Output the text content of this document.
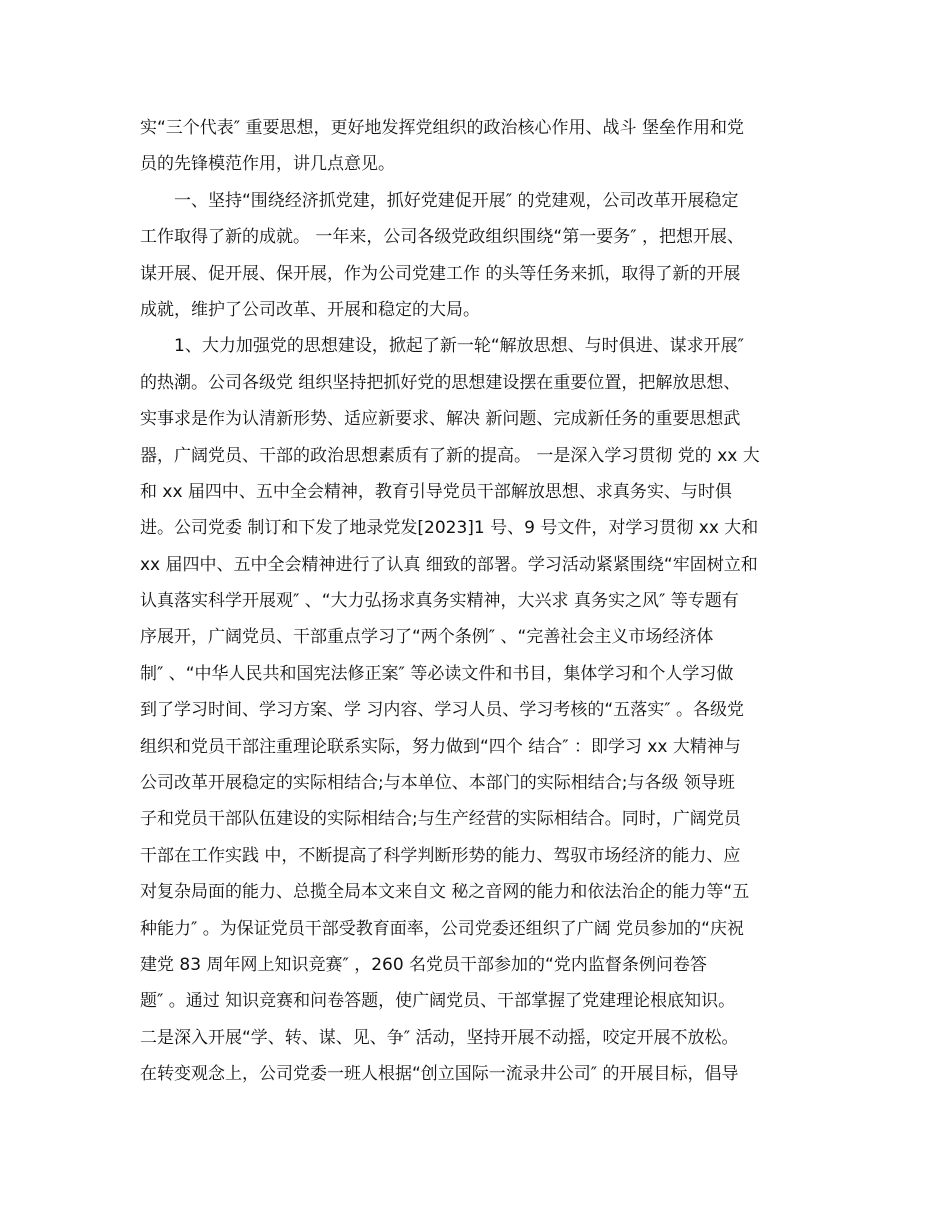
实“三个代表″ 重要思想，更好地发挥党组织的政治核心作用、战斗 堡垒作用和党
员的先锋模范作用，讲几点意见。
一、坚持“围绕经济抓党建，抓好党建促开展″ 的党建观，公司改革开展稳定
工作取得了新的成就。 一年来，公司各级党政组织围绕“第一要务″ ，把想开展、
谋开展、促开展、保开展，作为公司党建工作 的头等任务来抓，取得了新的开展
成就，维护了公司改革、开展和稳定的大局。
1、大力加强党的思想建设，掀起了新一轮“解放思想、与时俱进、谋求开展″
的热潮。公司各级党 组织坚持把抓好党的思想建设摆在重要位置，把解放思想、
实事求是作为认清新形势、适应新要求、解决 新问题、完成新任务的重要思想武
器，广阔党员、干部的政治思想素质有了新的提高。 一是深入学习贯彻 党的 xx 大
和 xx 届四中、五中全会精神，教育引导党员干部解放思想、求真务实、与时俱
进。公司党委 制订和下发了地录党发[2023]1 号、9 号文件，对学习贯彻 xx 大和
xx 届四中、五中全会精神进行了认真 细致的部署。学习活动紧紧围绕“牢固树立和
认真落实科学开展观″ 、“大力弘扬求真务实精神，大兴求 真务实之风″ 等专题有
序展开，广阔党员、干部重点学习了“两个条例″ 、“完善社会主义市场经济体
制″ 、“中华人民共和国宪法修正案″ 等必读文件和书目，集体学习和个人学习做
到了学习时间、学习方案、学 习内容、学习人员、学习考核的“五落实″ 。各级党
组织和党员干部注重理论联系实际，努力做到“四个 结合″ ：即学习 xx 大精神与
公司改革开展稳定的实际相结合;与本单位、本部门的实际相结合;与各级 领导班
子和党员干部队伍建设的实际相结合;与生产经营的实际相结合。同时，广阔党员
干部在工作实践 中，不断提高了科学判断形势的能力、驾驭市场经济的能力、应
对复杂局面的能力、总揽全局本文来自文 秘之音网的能力和依法治企的能力等“五
种能力″ 。为保证党员干部受教育面率，公司党委还组织了广阔 党员参加的“庆祝
建党 83 周年网上知识竞赛″ ，260 名党员干部参加的“党内监督条例问卷答
题″ 。通过 知识竞赛和问卷答题，使广阔党员、干部掌握了党建理论根底知识。
二是深入开展“学、转、谋、见、争″ 活动，坚持开展不动摇，咬定开展不放松。
在转变观念上，公司党委一班人根据“创立国际一流录井公司″ 的开展目标，倡导
